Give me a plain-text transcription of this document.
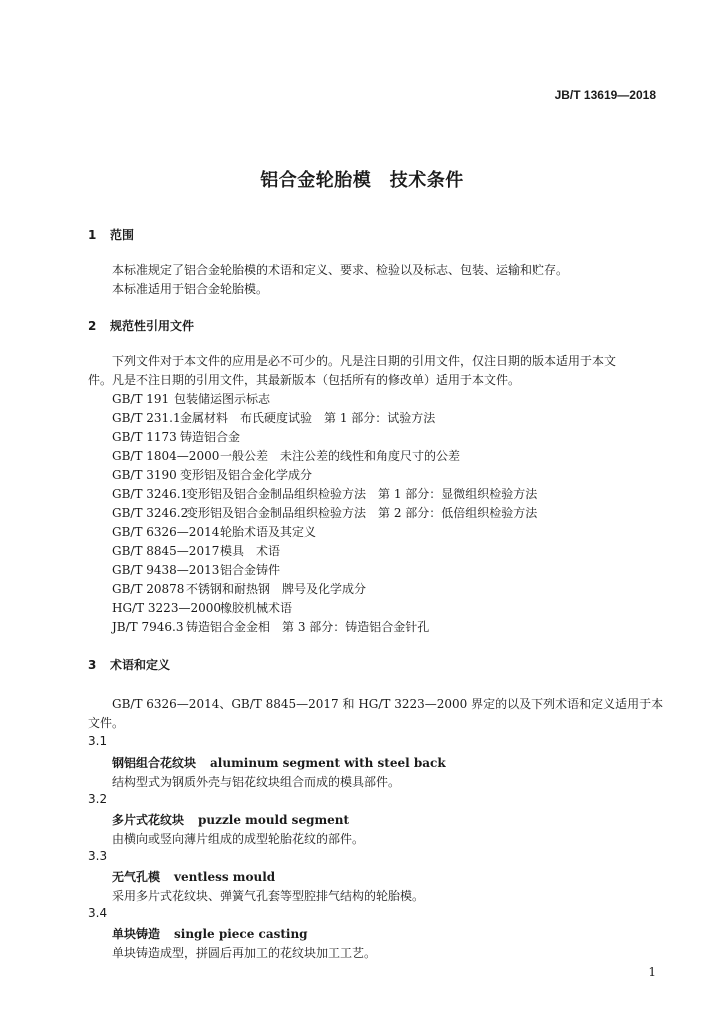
JB/T 13619—2018
铝合金轮胎模　技术条件
1 范围
本标准规定了铝合金轮胎模的术语和定义、要求、检验以及标志、包装、运输和贮存。
本标准适用于铝合金轮胎模。
2 规范性引用文件
下列文件对于本文件的应用是必不可少的。凡是注日期的引用文件，仅注日期的版本适用于本文
件。凡是不注日期的引用文件，其最新版本（包括所有的修改单）适用于本文件。
GB/T 191 包装储运图示标志
GB/T 231.1金属材料　布氏硬度试验　第 1 部分：试验方法
GB/T 1173 铸造铝合金
GB/T 1804—2000一般公差　未注公差的线性和角度尺寸的公差
GB/T 3190 变形铝及铝合金化学成分
GB/T 3246.1变形铝及铝合金制品组织检验方法　第 1 部分：显微组织检验方法
GB/T 3246.2变形铝及铝合金制品组织检验方法　第 2 部分：低倍组织检验方法
GB/T 6326—2014轮胎术语及其定义
GB/T 8845—2017模具　术语
GB/T 9438—2013铝合金铸件
GB/T 20878 不锈钢和耐热钢　牌号及化学成分
HG/T 3223—2000橡胶机械术语
JB/T 7946.3 铸造铝合金金相　第 3 部分：铸造铝合金针孔
3 术语和定义
GB/T 6326—2014、GB/T 8845—2017 和 HG/T 3223—2000 界定的以及下列术语和定义适用于本
文件。
3.1
钢铝组合花纹块 aluminum segment with steel back
结构型式为钢质外壳与铝花纹块组合而成的模具部件。
3.2
多片式花纹块 puzzle mould segment
由横向或竖向薄片组成的成型轮胎花纹的部件。
3.3
无气孔模 ventless mould
采用多片式花纹块、弹簧气孔套等型腔排气结构的轮胎模。
3.4
单块铸造 single piece casting
单块铸造成型，拼圆后再加工的花纹块加工工艺。
1
